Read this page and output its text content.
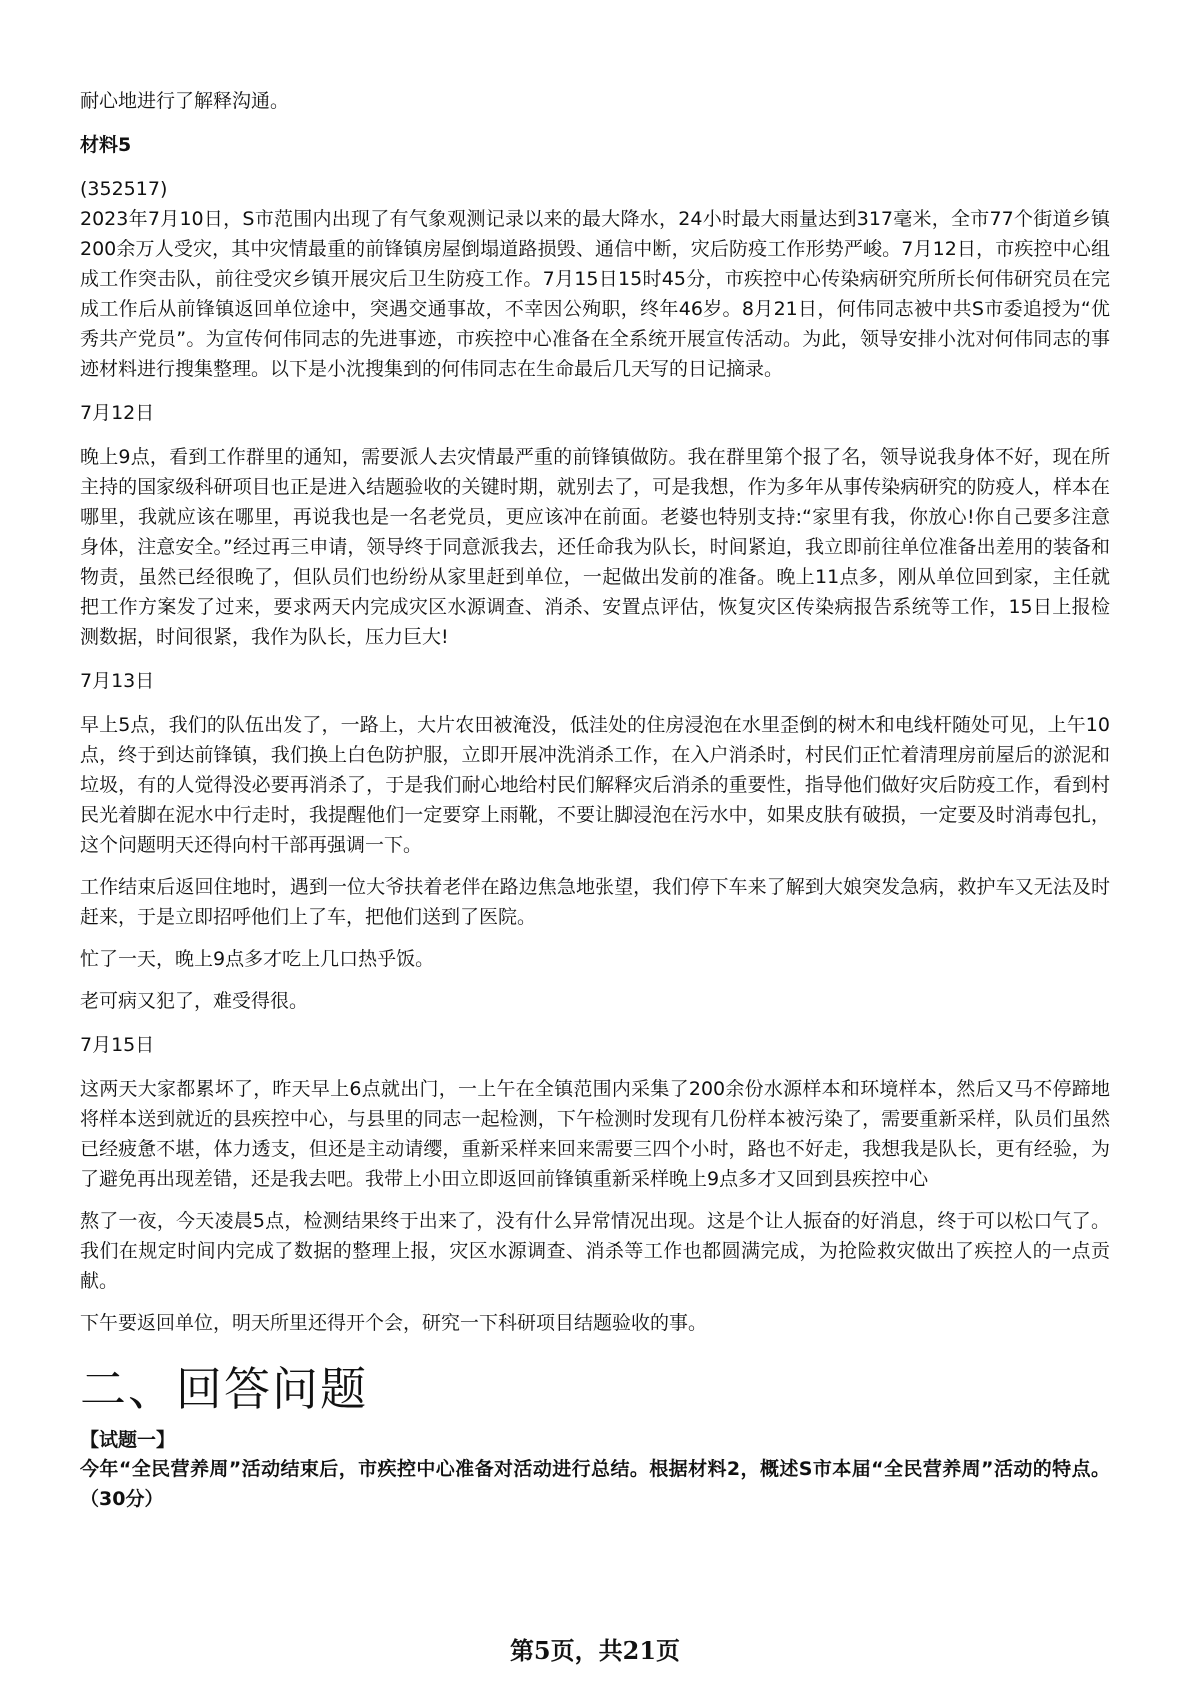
耐心地进行了解释沟通。

材料5

(352517)

2023年7月10日，S市范围内出现了有气象观测记录以来的最大降水，24小时最大雨量达到317毫米，全市77个街道乡镇200余万人受灾，其中灾情最重的前锋镇房屋倒塌道路损毁、通信中断，灾后防疫工作形势严峻。7月12日，市疾控中心组成工作突击队，前往受灾乡镇开展灾后卫生防疫工作。7月15日15时45分，市疾控中心传染病研究所所长何伟研究员在完成工作后从前锋镇返回单位途中，突遇交通事故，不幸因公殉职，终年46岁。8月21日，何伟同志被中共S市委追授为“优秀共产党员”。为宣传何伟同志的先进事迹，市疾控中心准备在全系统开展宣传活动。为此，领导安排小沈对何伟同志的事迹材料进行搜集整理。以下是小沈搜集到的何伟同志在生命最后几天写的日记摘录。

7月12日

晚上9点，看到工作群里的通知，需要派人去灾情最严重的前锋镇做防。我在群里第个报了名，领导说我身体不好，现在所主持的国家级科研项目也正是进入结题验收的关键时期，就别去了，可是我想，作为多年从事传染病研究的防疫人，样本在哪里，我就应该在哪里，再说我也是一名老党员，更应该冲在前面。老婆也特别支持:“家里有我，你放心!你自己要多注意身体，注意安全。”经过再三申请，领导终于同意派我去，还任命我为队长，时间紧迫，我立即前往单位准备出差用的装备和物责，虽然已经很晚了，但队员们也纷纷从家里赶到单位，一起做出发前的准备。晚上11点多，刚从单位回到家，主任就把工作方案发了过来，要求两天内完成灾区水源调查、消杀、安置点评估，恢复灾区传染病报告系统等工作，15日上报检测数据，时间很紧，我作为队长，压力巨大!

7月13日

早上5点，我们的队伍出发了，一路上，大片农田被淹没，低洼处的住房浸泡在水里歪倒的树木和电线杆随处可见，上午10点，终于到达前锋镇，我们换上白色防护服，立即开展冲洗消杀工作，在入户消杀时，村民们正忙着清理房前屋后的淤泥和垃圾，有的人觉得没必要再消杀了，于是我们耐心地给村民们解释灾后消杀的重要性，指导他们做好灾后防疫工作，看到村民光着脚在泥水中行走时，我提醒他们一定要穿上雨靴，不要让脚浸泡在污水中，如果皮肤有破损，一定要及时消毒包扎，这个问题明天还得向村干部再强调一下。

工作结束后返回住地时，遇到一位大爷扶着老伴在路边焦急地张望，我们停下车来了解到大娘突发急病，救护车又无法及时赶来，于是立即招呼他们上了车，把他们送到了医院。

忙了一天，晚上9点多才吃上几口热乎饭。

老可病又犯了，难受得很。

7月15日

这两天大家都累坏了，昨天早上6点就出门，一上午在全镇范围内采集了200余份水源样本和环境样本，然后又马不停蹄地将样本送到就近的县疾控中心，与县里的同志一起检测，下午检测时发现有几份样本被污染了，需要重新采样，队员们虽然已经疲惫不堪，体力透支，但还是主动请缨，重新采样来回来需要三四个小时，路也不好走，我想我是队长，更有经验，为了避免再出现差错，还是我去吧。我带上小田立即返回前锋镇重新采样晚上9点多才又回到县疾控中心

熬了一夜，今天凌晨5点，检测结果终于出来了，没有什么异常情况出现。这是个让人振奋的好消息，终于可以松口气了。我们在规定时间内完成了数据的整理上报，灾区水源调查、消杀等工作也都圆满完成，为抢险救灾做出了疾控人的一点贡献。

下午要返回单位，明天所里还得开个会，研究一下科研项目结题验收的事。

二、回答问题
【试题一】

今年“全民营养周”活动结束后，市疾控中心准备对活动进行总结。根据材料2，概述S市本届“全民营养周”活动的特点。（30分）

第5页，共21页
